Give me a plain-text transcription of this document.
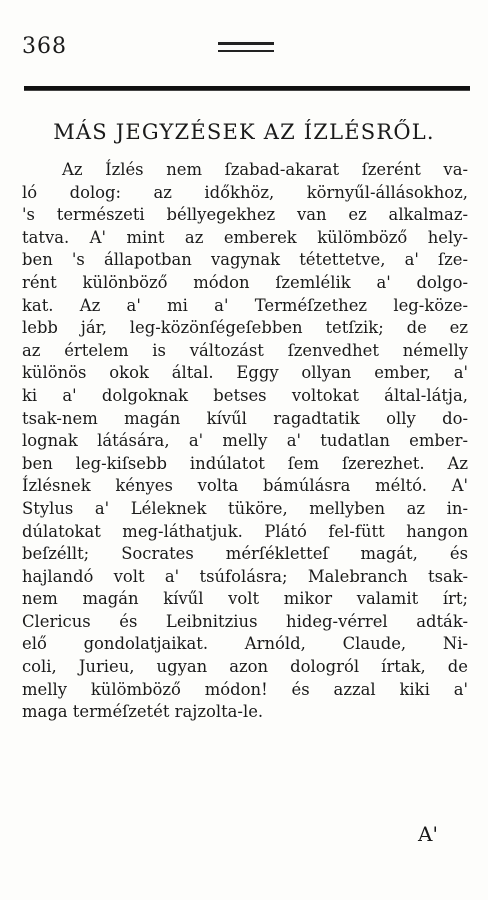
368
MÁS JEGYZÉSEK AZ ÍZLÉSRŐL.
Az Ízlés nem ſzabad-akarat ſzerént va-
ló dolog: az időkhöz, környűl-állásokhoz,
's természeti béllyegekhez van ez alkalmaz-
tatva. A' mint az emberek külömböző hely-
ben 's állapotban vagynak tétettetve, a' ſze-
rént különböző módon ſzemlélik a' dolgo-
kat. Az a' mi a' Terméſzethez leg-köze-
lebb jár, leg-közönſégeſebben tetſzik; de ez
az értelem is változást ſzenvedhet némelly
különös okok által. Eggy ollyan ember, a'
ki a' dolgoknak betses voltokat által-látja,
tsak-nem magán kívűl ragadtatik olly do-
lognak látására, a' melly a' tudatlan ember-
ben leg-kiſsebb indúlatot ſem ſzerezhet. Az
Ízlésnek kényes volta bámúlásra méltó. A'
Stylus a' Léleknek tüköre, mellyben az in-
dúlatokat meg-láthatjuk. Plátó fel-fütt hangon
beſzéllt; Socrates mérſékletteſ magát, és
hajlandó volt a' tsúfolásra; Malebranch tsak-
nem magán kívűl volt mikor valamit írt;
Clericus és Leibnitzius hideg-vérrel adták-
elő gondolatjaikat. Arnóld, Claude, Ni-
coli, Jurieu, ugyan azon dologról írtak, de
melly külömböző módon! és azzal kiki a'
maga terméſzetét rajzolta-le.
A'
